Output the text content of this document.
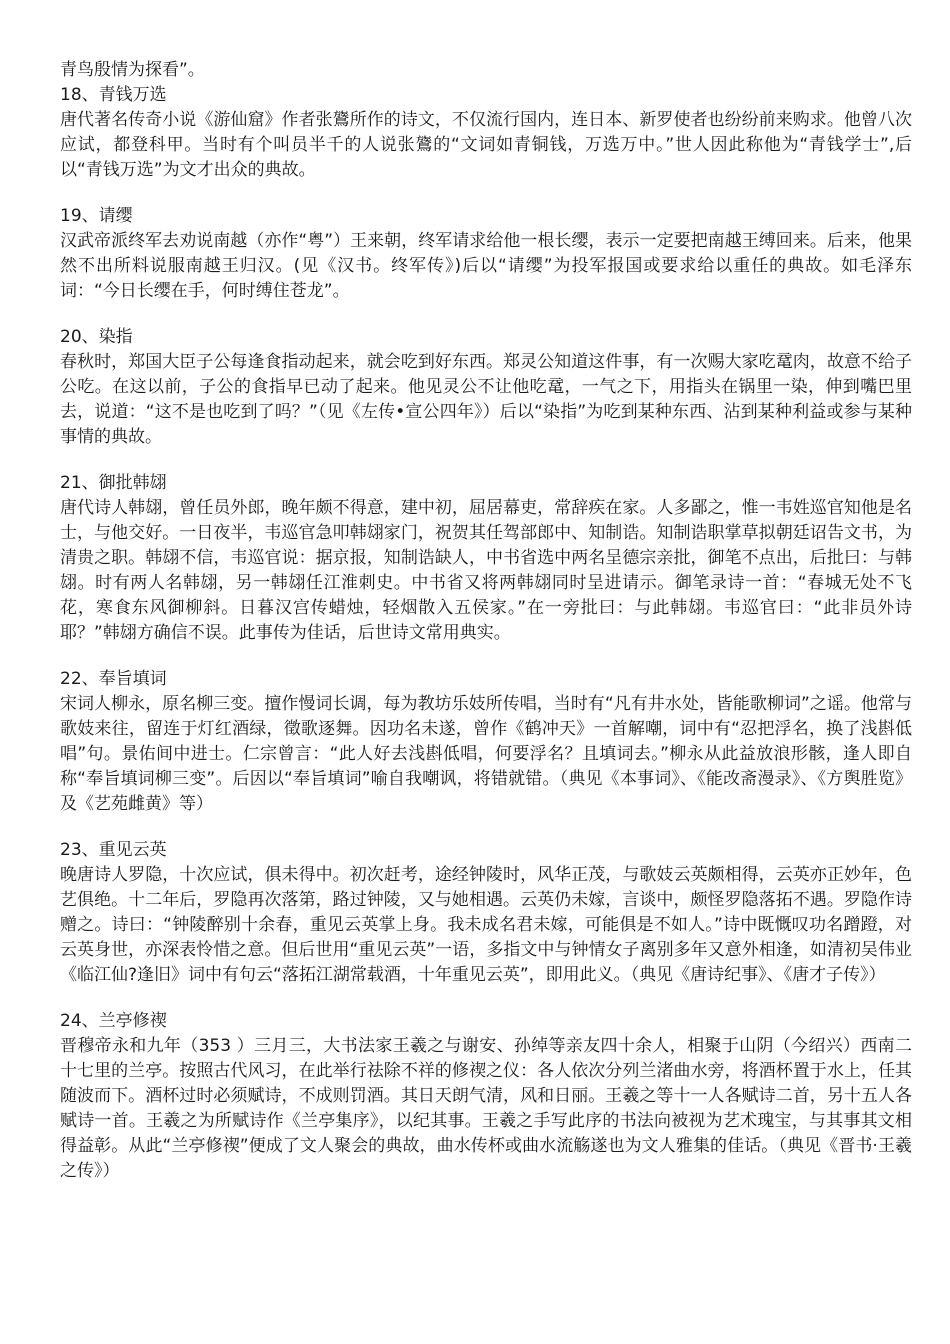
青鸟殷情为探看”。

18、青钱万选

唐代著名传奇小说《游仙窟》作者张鷟所作的诗文，不仅流行国内，连日本、新罗使者也纷纷前来购求。他曾八次应试，都登科甲。当时有个叫员半千的人说张鷟的“文词如青铜钱，万选万中。”世人因此称他为“青钱学士”,后以“青钱万选”为文才出众的典故。

19、请缨

汉武帝派终军去劝说南越（亦作“粤”）王来朝，终军请求给他一根长缨，表示一定要把南越王缚回来。后来，他果然不出所料说服南越王归汉。(见《汉书。终军传》)后以“请缨”为投军报国或要求给以重任的典故。如毛泽东词：“今日长缨在手，何时缚住苍龙”。

20、染指

春秋时，郑国大臣子公每逢食指动起来，就会吃到好东西。郑灵公知道这件事，有一次赐大家吃鼋肉，故意不给子公吃。在这以前，子公的食指早已动了起来。他见灵公不让他吃鼋，一气之下，用指头在锅里一染，伸到嘴巴里去，说道：“这不是也吃到了吗？”（见《左传•宣公四年》）后以“染指”为吃到某种东西、沾到某种利益或参与某种事情的典故。

21、御批韩翃

唐代诗人韩翃，曾任员外郎，晚年颇不得意，建中初，屈居幕吏，常辞疾在家。人多鄙之，惟一韦姓巡官知他是名士，与他交好。一日夜半，韦巡官急叩韩翃家门，祝贺其任驾部郎中、知制诰。知制诰职掌草拟朝廷诏告文书，为清贵之职。韩翃不信，韦巡官说：据京报，知制诰缺人，中书省选中两名呈德宗亲批，御笔不点出，后批曰：与韩翃。时有两人名韩翃，另一韩翃任江淮刺史。中书省又将两韩翃同时呈进请示。御笔录诗一首：“春城无处不飞花，寒食东风御柳斜。日暮汉宫传蜡烛，轻烟散入五侯家。”在一旁批曰：与此韩翃。韦巡官曰：“此非员外诗耶？”韩翃方确信不误。此事传为佳话，后世诗文常用典实。

22、奉旨填词

宋词人柳永，原名柳三变。擅作慢词长调，每为教坊乐妓所传唱，当时有“凡有井水处，皆能歌柳词”之谣。他常与歌妓来往，留连于灯红酒绿，徵歌逐舞。因功名未遂，曾作《鹤冲天》一首解嘲，词中有“忍把浮名，换了浅斟低唱”句。景佑间中进士。仁宗曾言：“此人好去浅斟低唱，何要浮名？且填词去。”柳永从此益放浪形骸，逢人即自称“奉旨填词柳三变”。后因以“奉旨填词”喻自我嘲讽，将错就错。（典见《本事词》、《能改斋漫录》、《方舆胜览》及《艺苑雌黄》等）

23、重见云英

晚唐诗人罗隐，十次应试，俱未得中。初次赶考，途经钟陵时，风华正茂，与歌妓云英颇相得，云英亦正妙年，色艺俱绝。十二年后，罗隐再次落第，路过钟陵，又与她相遇。云英仍未嫁，言谈中，颇怪罗隐落拓不遇。罗隐作诗赠之。诗曰：“钟陵醉别十余春，重见云英掌上身。我未成名君未嫁，可能俱是不如人。”诗中既慨叹功名蹭蹬，对云英身世，亦深表怜惜之意。但后世用“重见云英”一语，多指文中与钟情女子离别多年又意外相逢，如清初吴伟业《临江仙?逢旧》词中有句云“落拓江湖常载酒，十年重见云英”，即用此义。（典见《唐诗纪事》、《唐才子传》）

24、兰亭修禊

晋穆帝永和九年（353 ）三月三，大书法家王羲之与谢安、孙绰等亲友四十余人，相聚于山阴（今绍兴）西南二十七里的兰亭。按照古代风习，在此举行祛除不祥的修禊之仪：各人依次分列兰渚曲水旁，将酒杯置于水上，任其随波而下。酒杯过时必须赋诗，不成则罚酒。其日天朗气清，风和日丽。王羲之等十一人各赋诗二首，另十五人各赋诗一首。王羲之为所赋诗作《兰亭集序》，以纪其事。王羲之手写此序的书法向被视为艺术瑰宝，与其事其文相得益彰。从此“兰亭修禊”便成了文人聚会的典故，曲水传杯或曲水流觞遂也为文人雅集的佳话。（典见《晋书·王羲之传》）
